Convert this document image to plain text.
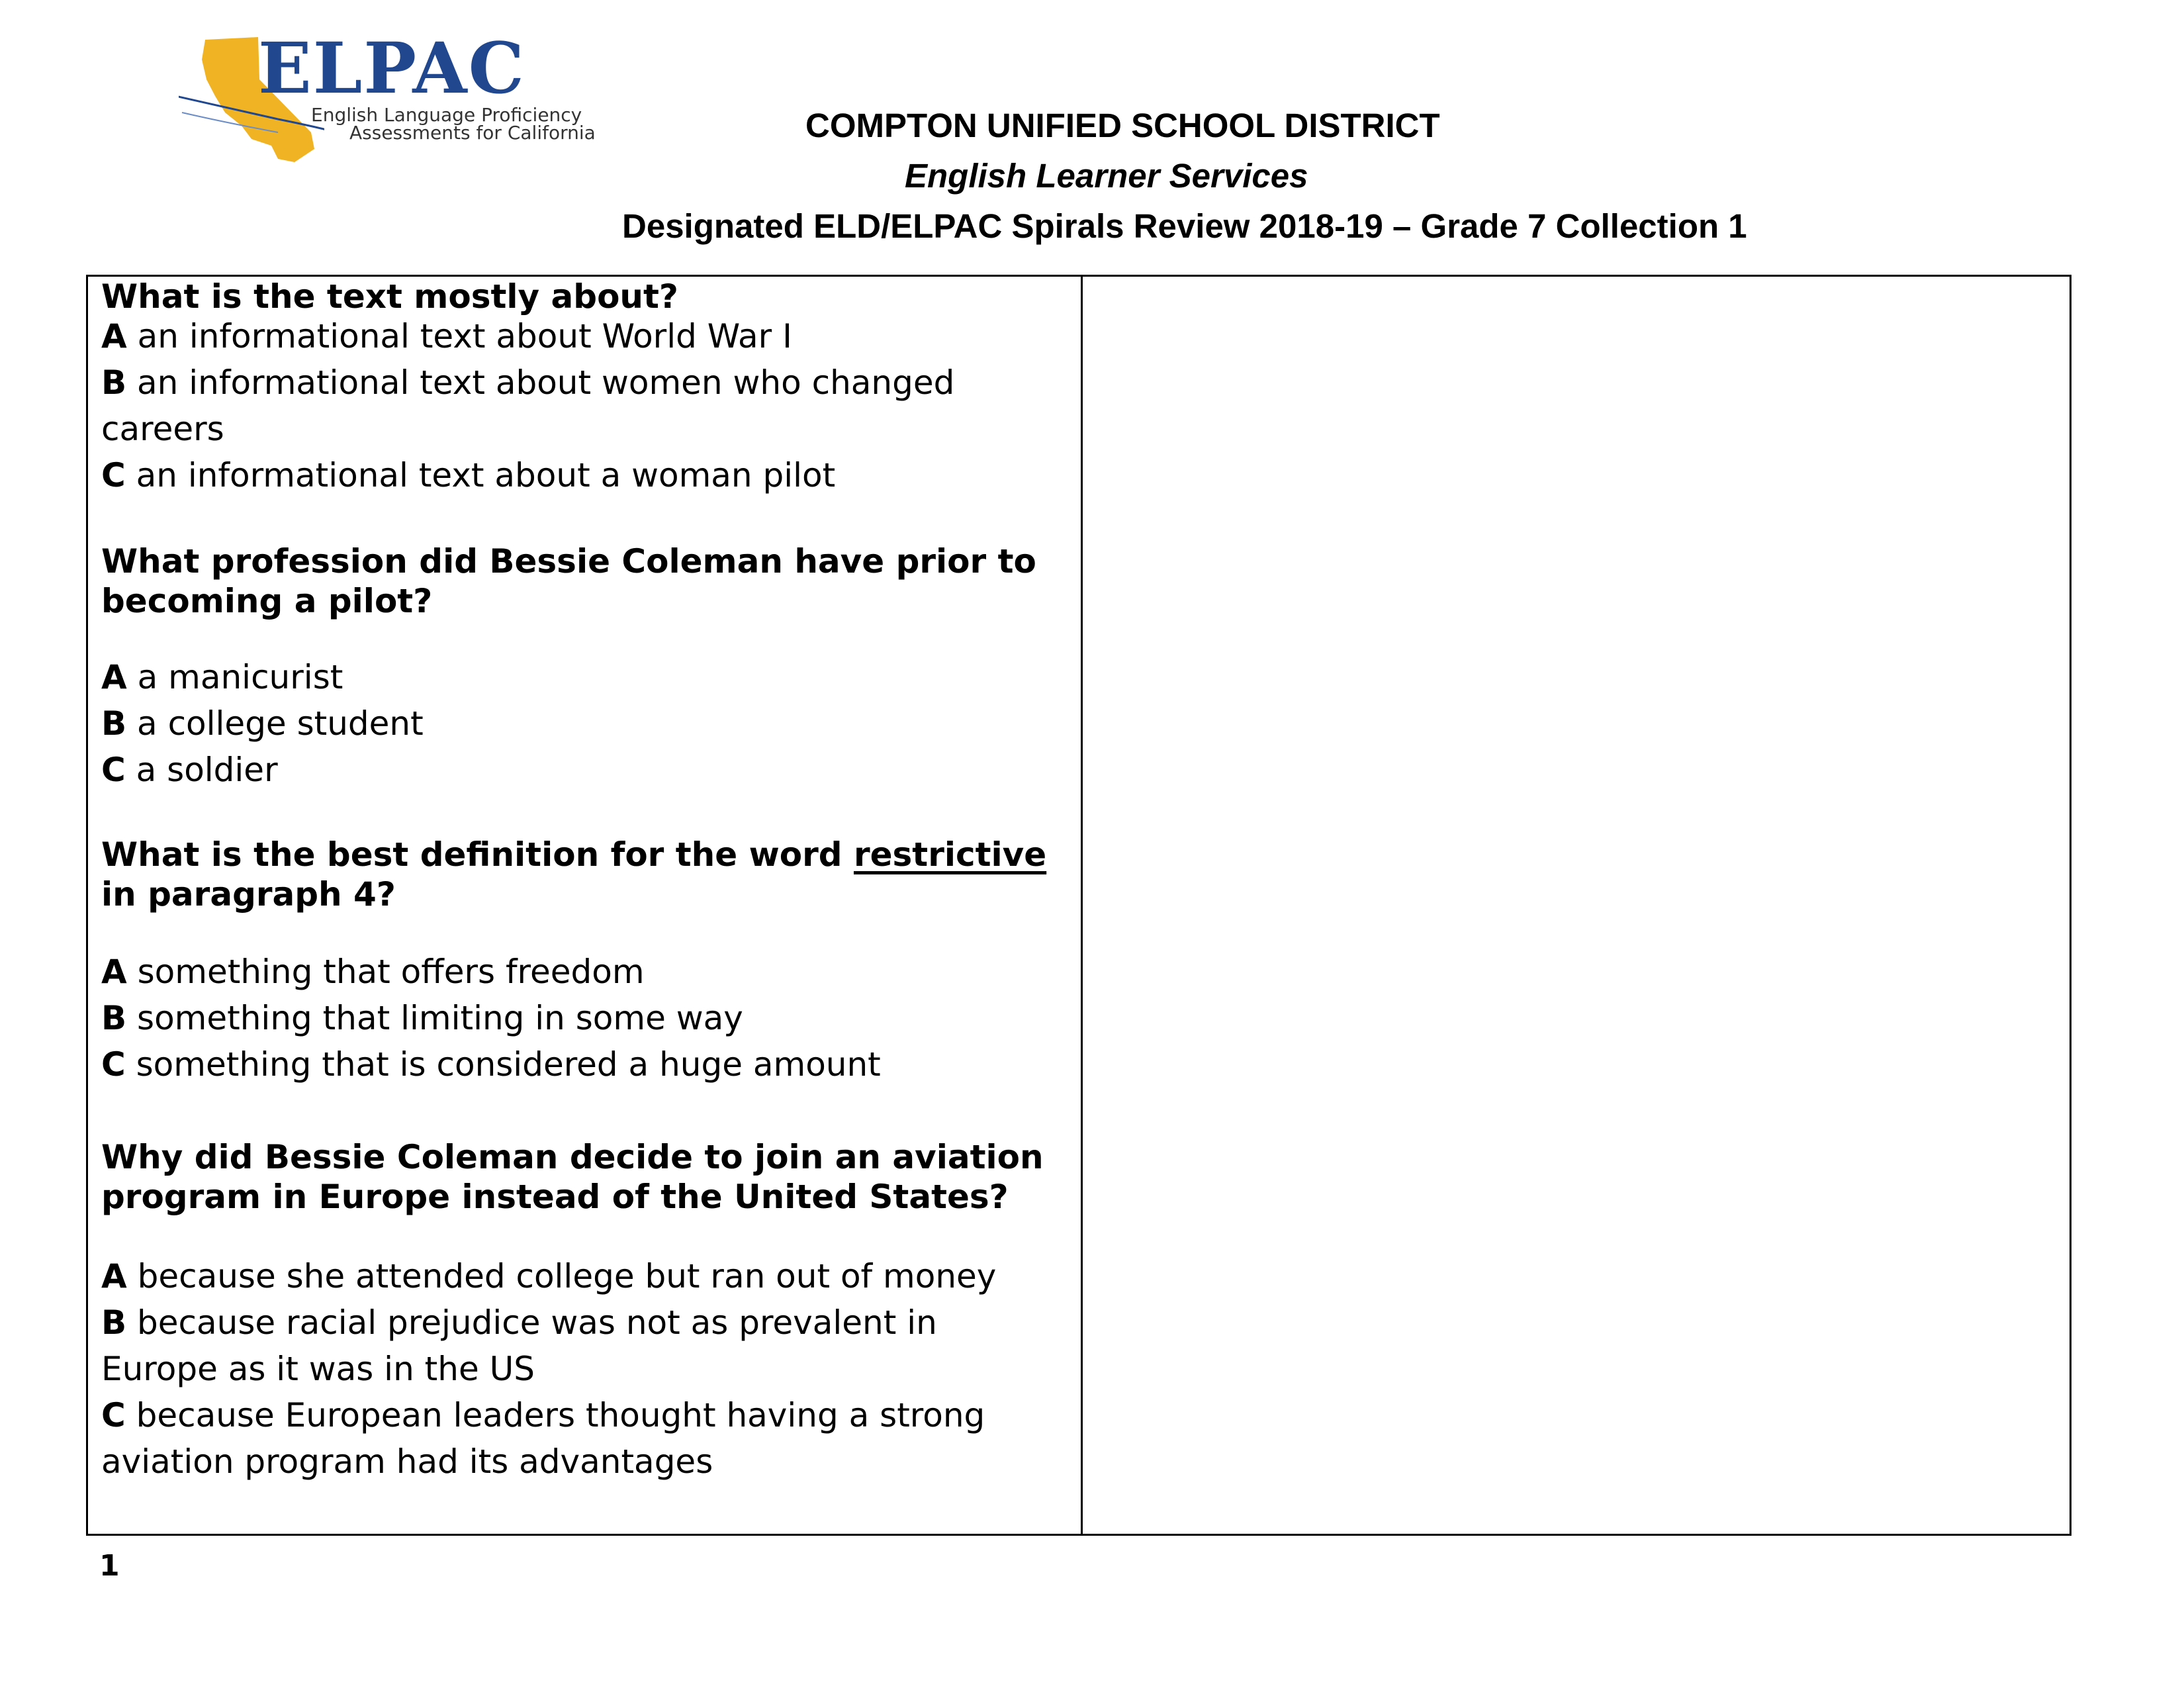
ELPAC
English Language Proficiency
Assessments for California	COMPTON UNIFIED SCHOOL DISTRICT
English Learner Services
Designated ELD/ELPAC Spirals Review 2018-19 – Grade 7 Collection 1
What is the text mostly about?
A an informational text about World War I
B an informational text about women who changed
careers
C an informational text about a woman pilot
What profession did Bessie Coleman have prior to
becoming a pilot?
A a manicurist
B a college student
C a soldier
What is the best definition for the word restrictive
in paragraph 4?
A something that offers freedom
B something that limiting in some way
C something that is considered a huge amount
Why did Bessie Coleman decide to join an aviation
program in Europe instead of the United States?
A because she attended college but ran out of money
B because racial prejudice was not as prevalent in
Europe as it was in the US
C because European leaders thought having a strong
aviation program had its advantages
1
